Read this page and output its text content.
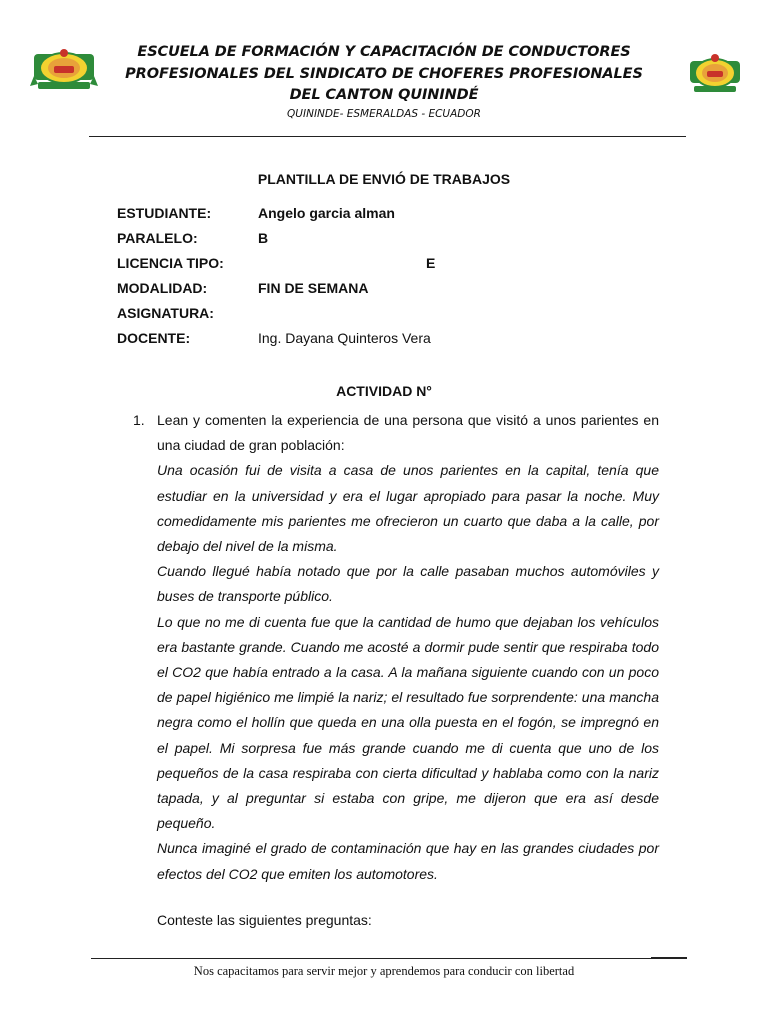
ESCUELA DE FORMACIÓN Y CAPACITACIÓN DE CONDUCTORES
PROFESIONALES DEL SINDICATO DE CHOFERES PROFESIONALES
DEL CANTON QUININDÉ
QUININDE- ESMERALDAS - ECUADOR
PLANTILLA DE ENVIÓ DE TRABAJOS
ESTUDIANTE:	Angelo garcia alman
PARALELO:	B
LICENCIA TIPO:	E
MODALIDAD:	FIN DE SEMANA
ASIGNATURA:
DOCENTE:	Ing. Dayana Quinteros Vera
ACTIVIDAD N°
1. Lean y comenten la experiencia de una persona que visitó a unos parientes en una ciudad de gran población:

Una ocasión fui de visita a casa de unos parientes en la capital, tenía que estudiar en la universidad y era el lugar apropiado para pasar la noche. Muy comedidamente mis parientes me ofrecieron un cuarto que daba a la calle, por debajo del nivel de la misma.

Cuando llegué había notado que por la calle pasaban muchos automóviles y buses de transporte público.

Lo que no me di cuenta fue que la cantidad de humo que dejaban los vehículos era bastante grande. Cuando me acosté a dormir pude sentir que respiraba todo el CO2 que había entrado a la casa. A la mañana siguiente cuando con un poco de papel higiénico me limpié la nariz; el resultado fue sorprendente: una mancha negra como el hollín que queda en una olla puesta en el fogón, se impregnó en el papel. Mi sorpresa fue más grande cuando me di cuenta que uno de los pequeños de la casa respiraba con cierta dificultad y hablaba como con la nariz tapada, y al preguntar si estaba con gripe, me dijeron que era así desde pequeño.

Nunca imaginé el grado de contaminación que hay en las grandes ciudades por efectos del CO2 que emiten los automotores.

Conteste las siguientes preguntas:
Nos capacitamos para servir mejor y aprendemos para conducir con libertad
